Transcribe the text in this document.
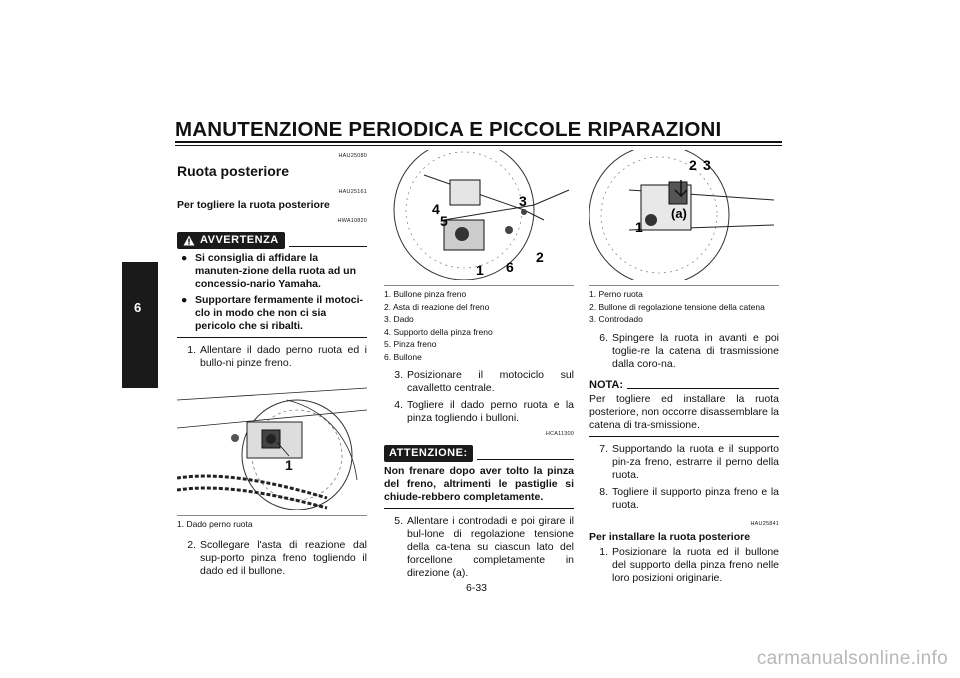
MANUTENZIONE PERIODICA E PICCOLE RIPARAZIONI
6
HAU25080
Ruota posteriore
HAU25161
Per togliere la ruota posteriore
HWA10820
AVVERTENZA
● Si consiglia di affidare la manuten-zione della ruota ad un concessio-nario Yamaha.
● Supportare fermamente il motoci-clo in modo che non ci sia pericolo che si ribalti.
1. Allentare il dado perno ruota ed i bullo-ni pinze freno.
1
1. Dado perno ruota
2. Scollegare l'asta di reazione dal sup-porto pinza freno togliendo il dado ed il bullone.
4
5
3
2
1 6
1. Bullone pinza freno
2. Asta di reazione del freno
3. Dado
4. Supporto della pinza freno
5. Pinza freno
6. Bullone
3. Posizionare il motociclo sul cavalletto centrale.
4. Togliere il dado perno ruota e la pinza togliendo i bulloni.
HCA11300
ATTENZIONE:
Non frenare dopo aver tolto la pinza del freno, altrimenti le pastiglie si chiude-rebbero completamente.
5. Allentare i controdadi e poi girare il bul-lone di regolazione tensione della ca-tena su ciascun lato del forcellone completamente in direzione (a).
2 3
(a)
1
1. Perno ruota
2. Bullone di regolazione tensione della catena
3. Controdado
6. Spingere la ruota in avanti e poi toglie-re la catena di trasmissione dalla coro-na.
NOTA:
Per togliere ed installare la ruota posteriore, non occorre disassemblare la catena di tra-smissione.
7. Supportando la ruota e il supporto pin-za freno, estrarre il perno della ruota.
8. Togliere il supporto pinza freno e la ruota.
HAU25841
Per installare la ruota posteriore
1. Posizionare la ruota ed il bullone del supporto della pinza freno nelle loro posizioni originarie.
6-33
carmanualsonline.info
